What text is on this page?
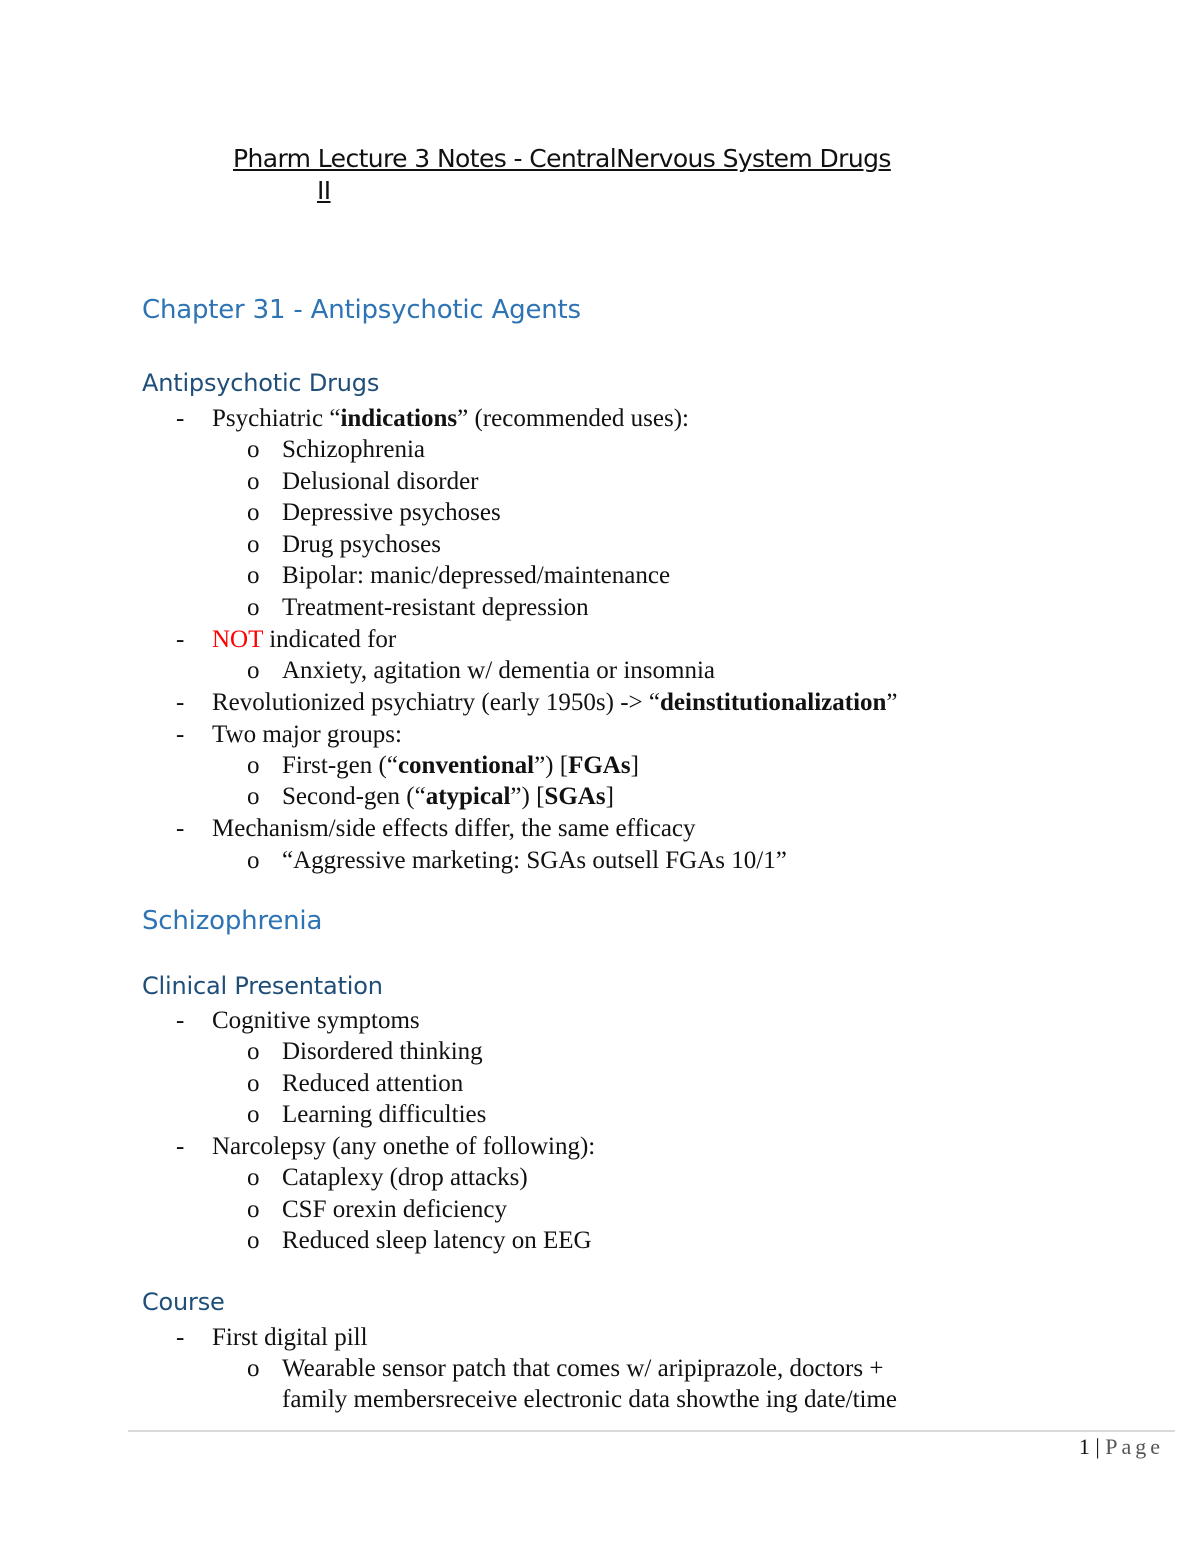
Pharm Lecture 3 Notes - CentralNervous System Drugs
II
Chapter 31 - Antipsychotic Agents
Antipsychotic Drugs
- Psychiatric “indications” (recommended uses):
o Schizophrenia
o Delusional disorder
o Depressive psychoses
o Drug psychoses
o Bipolar: manic/depressed/maintenance
o Treatment-resistant depression
- NOT indicated for
o Anxiety, agitation w/ dementia or insomnia
- Revolutionized psychiatry (early 1950s) -> “deinstitutionalization”
- Two major groups:
o First-gen (“conventional”) [FGAs]
o Second-gen (“atypical”) [SGAs]
- Mechanism/side effects differ, the same efficacy
o “Aggressive marketing: SGAs outsell FGAs 10/1”
Schizophrenia
Clinical Presentation
- Cognitive symptoms
o Disordered thinking
o Reduced attention
o Learning difficulties
- Narcolepsy (any onethe of following):
o Cataplexy (drop attacks)
o CSF orexin deficiency
o Reduced sleep latency on EEG
Course
- First digital pill
o Wearable sensor patch that comes w/ aripiprazole, doctors +
family membersreceive electronic data showthe ing date/time
1 | Page
